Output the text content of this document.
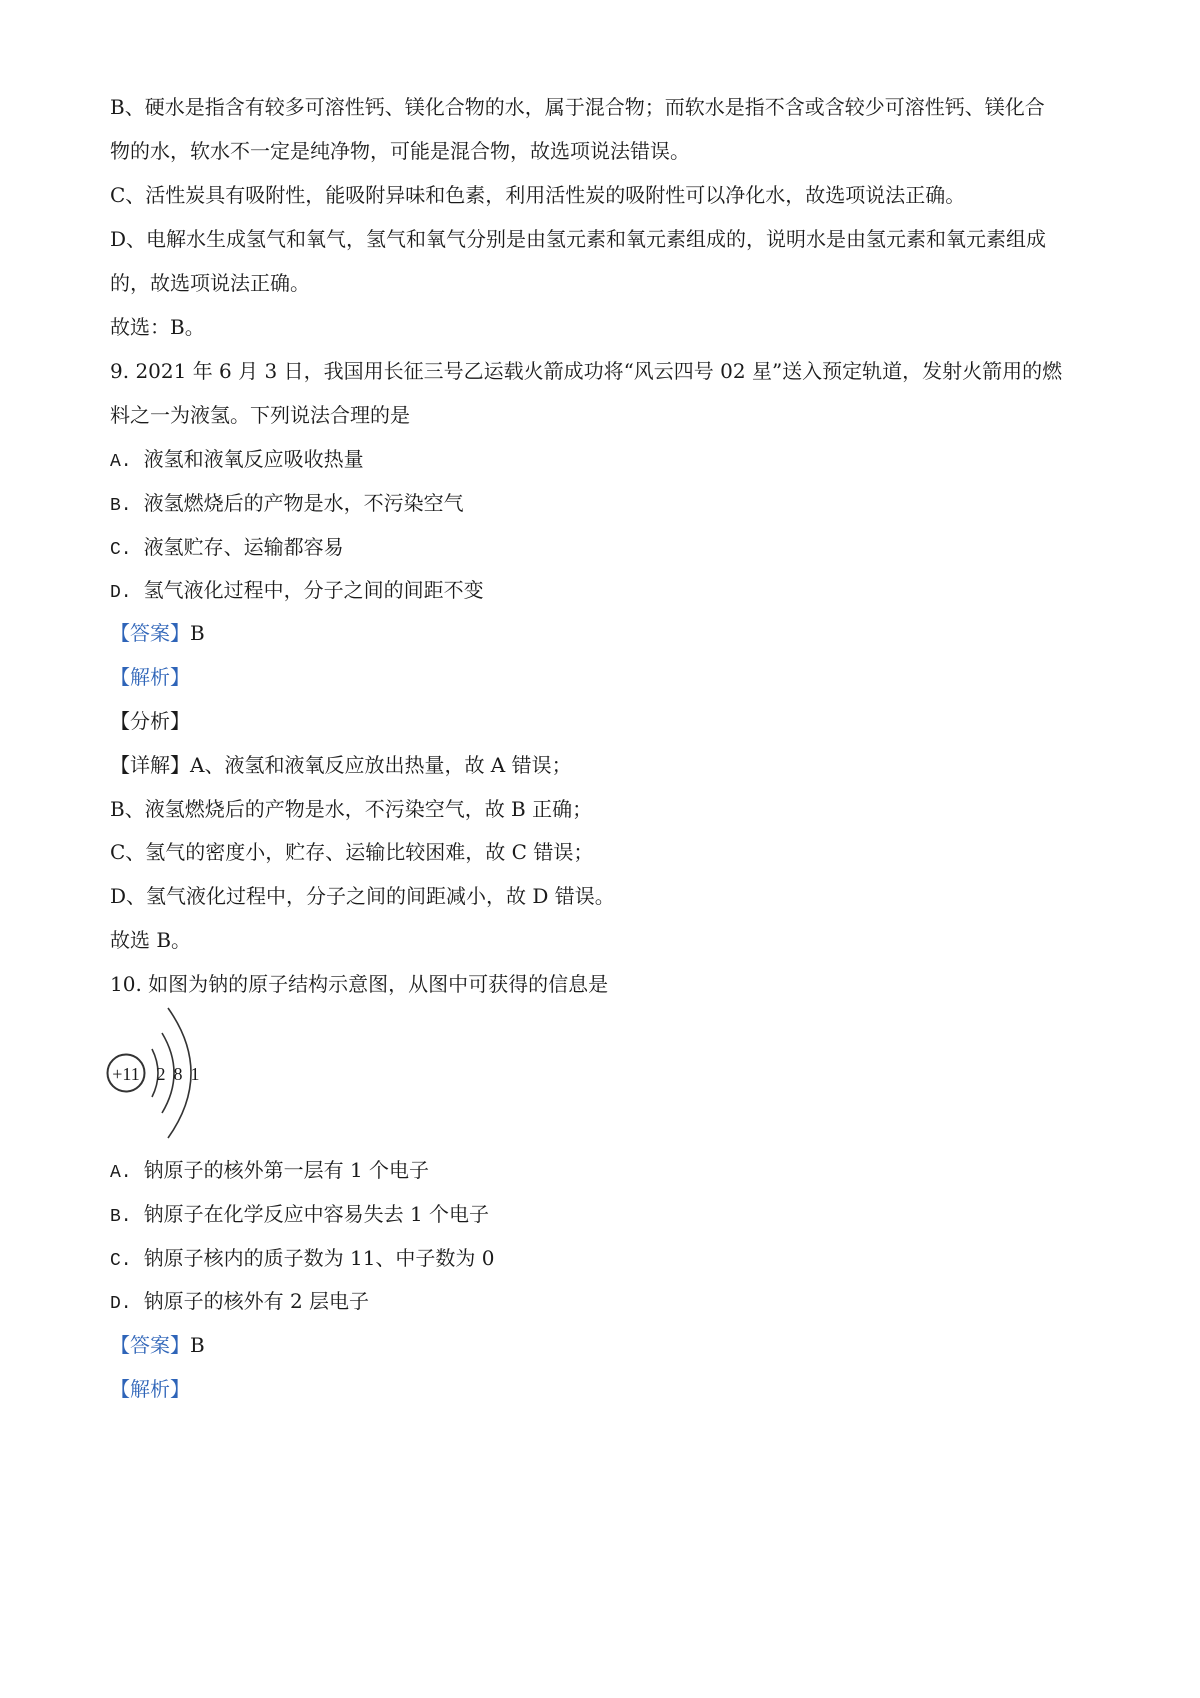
B、硬水是指含有较多可溶性钙、镁化合物的水，属于混合物；而软水是指不含或含较少可溶性钙、镁化合
物的水，软水不一定是纯净物，可能是混合物，故选项说法错误。
C、活性炭具有吸附性，能吸附异味和色素，利用活性炭的吸附性可以净化水，故选项说法正确。
D、电解水生成氢气和氧气，氢气和氧气分别是由氢元素和氧元素组成的，说明水是由氢元素和氧元素组成
的，故选项说法正确。
故选：B。
9. 2021 年 6 月 3 日，我国用长征三号乙运载火箭成功将“风云四号 02 星”送入预定轨道，发射火箭用的燃
料之一为液氢。下列说法合理的是
A. 液氢和液氧反应吸收热量
B. 液氢燃烧后的产物是水，不污染空气
C. 液氢贮存、运输都容易
D. 氢气液化过程中，分子之间的间距不变
【答案】B
【解析】
【分析】
【详解】A、液氢和液氧反应放出热量，故 A 错误；
B、液氢燃烧后的产物是水，不污染空气，故 B 正确；
C、氢气的密度小，贮存、运输比较困难，故 C 错误；
D、氢气液化过程中，分子之间的间距减小，故 D 错误。
故选 B。
10. 如图为钠的原子结构示意图，从图中可获得的信息是
+11 2 8 1
A. 钠原子的核外第一层有 1 个电子
B. 钠原子在化学反应中容易失去 1 个电子
C. 钠原子核内的质子数为 11、中子数为 0
D. 钠原子的核外有 2 层电子
【答案】B
【解析】
